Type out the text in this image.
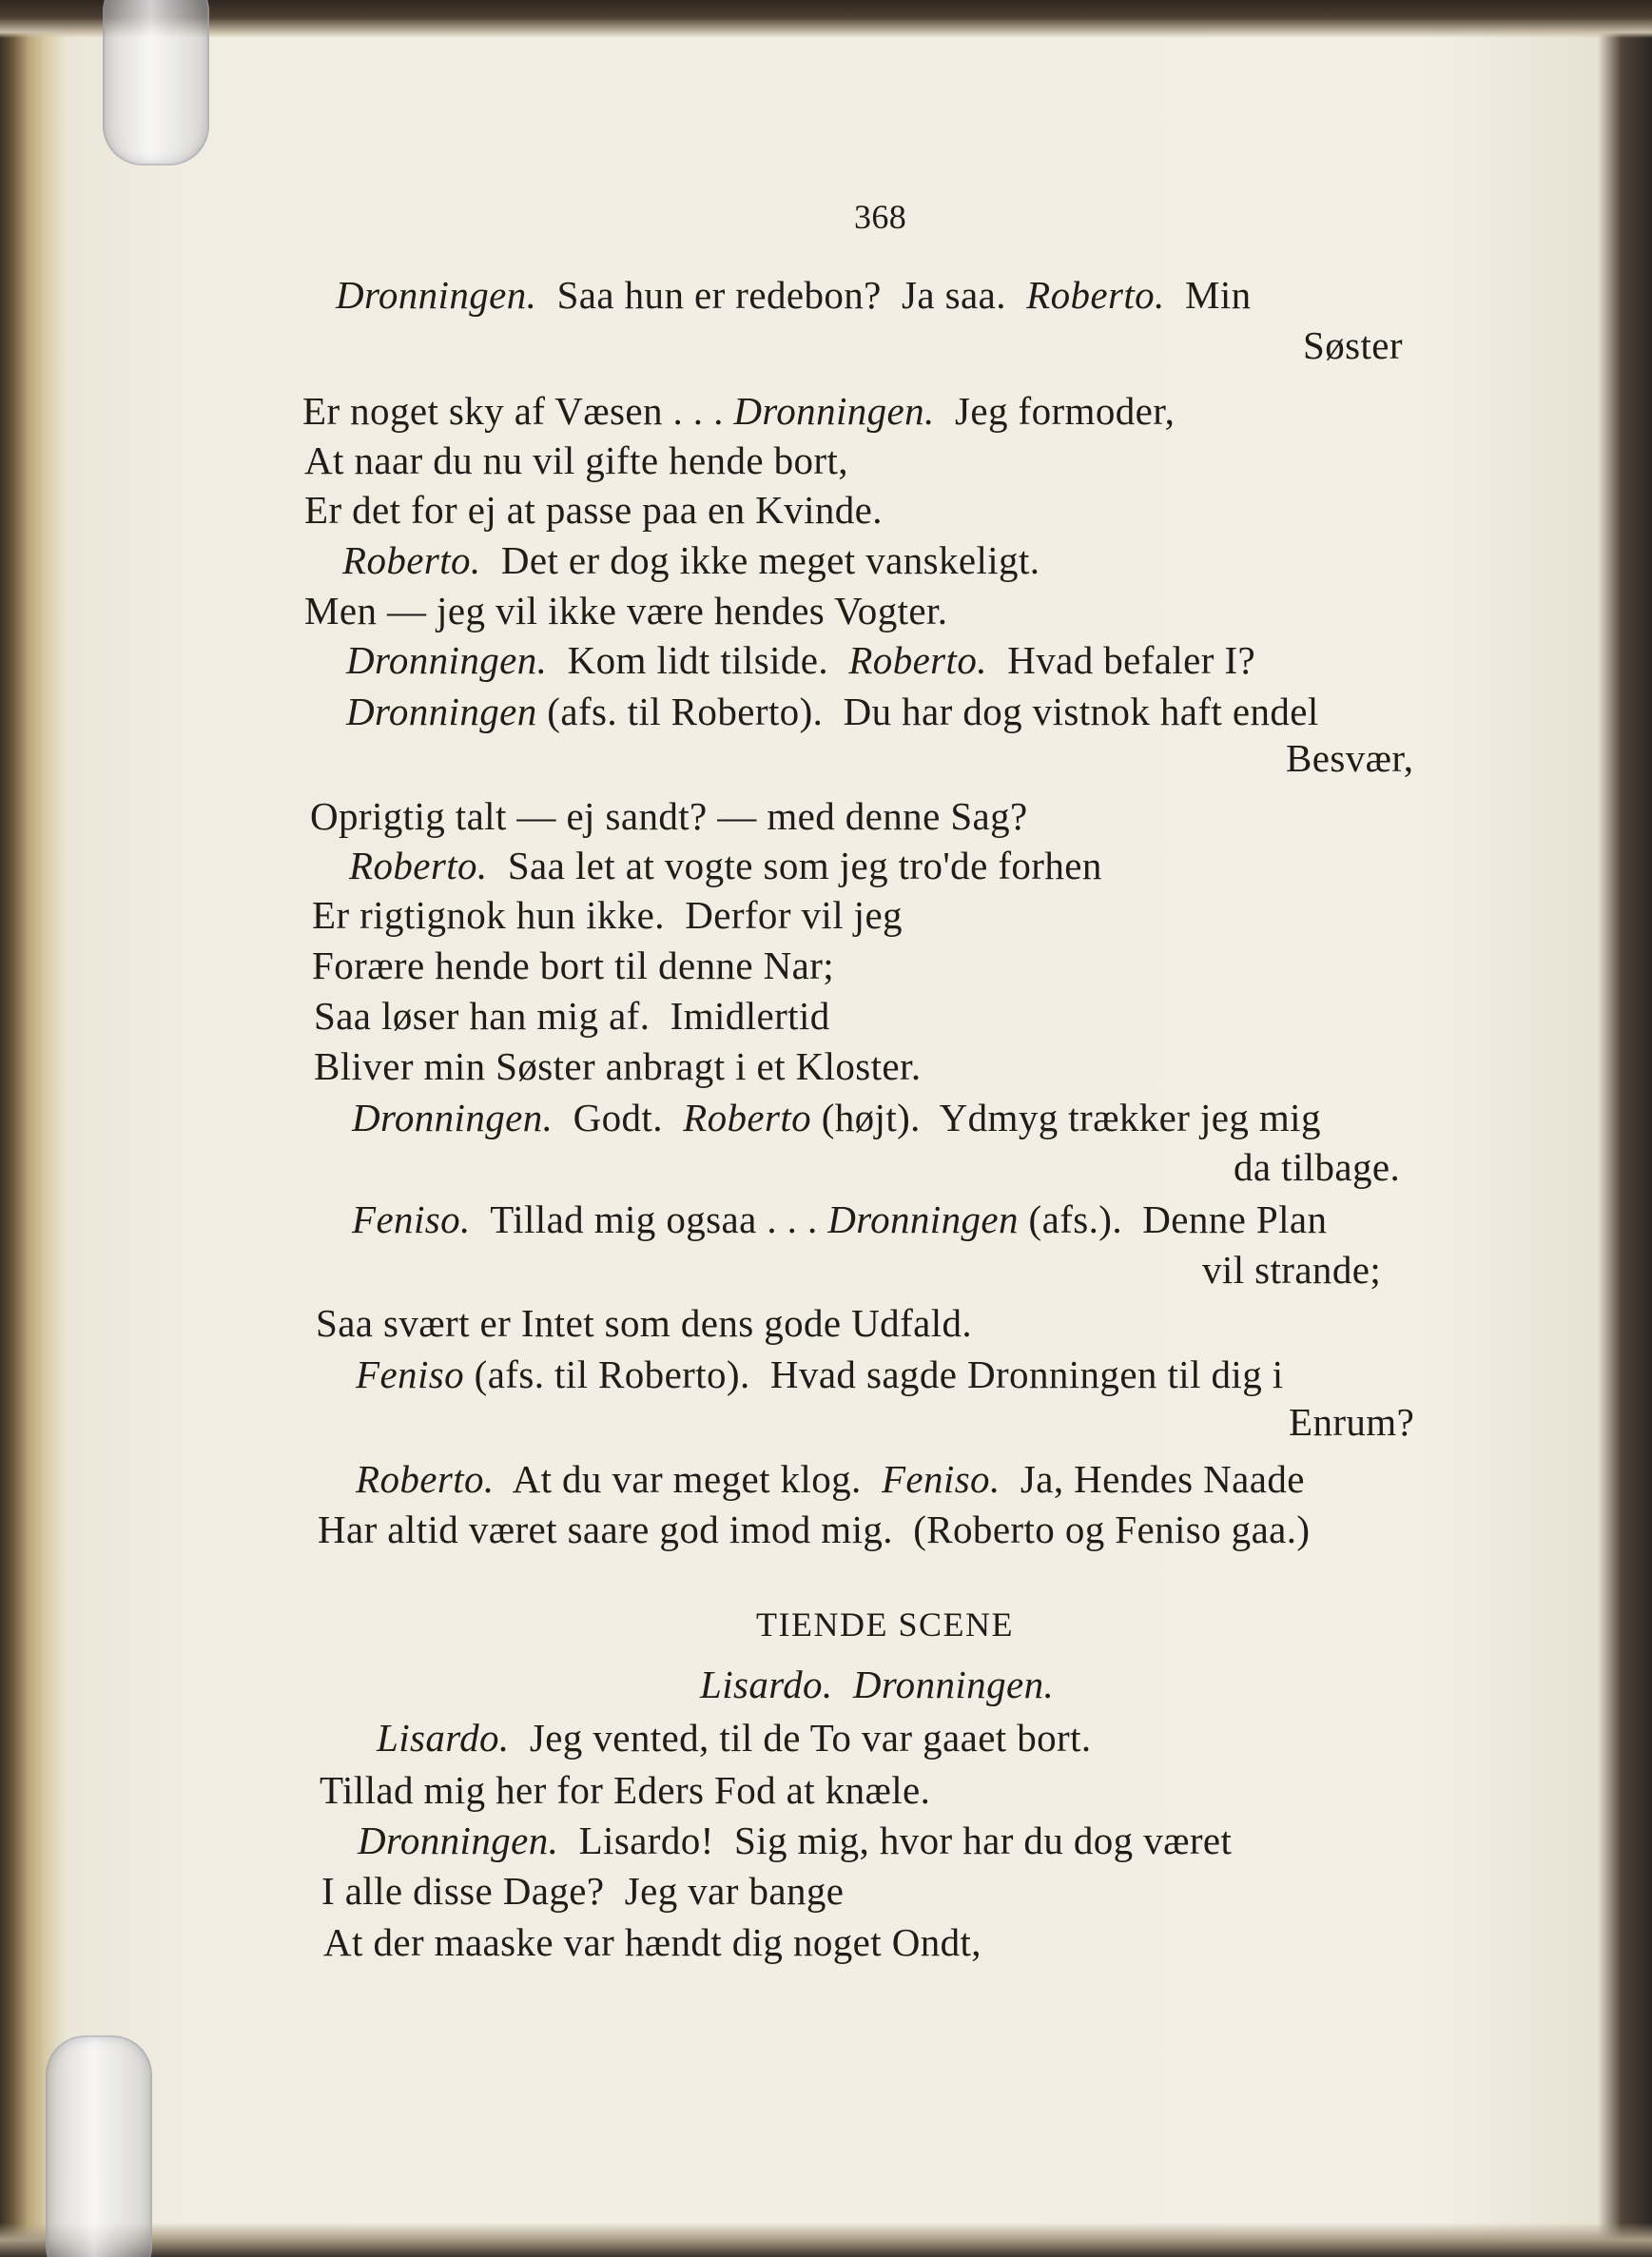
368
Dronningen.  Saa hun er redebon?  Ja saa.  Roberto.  Min
Søster
Er noget sky af Væsen . . . Dronningen.  Jeg formoder,
At naar du nu vil gifte hende bort,
Er det for ej at passe paa en Kvinde.
Roberto.  Det er dog ikke meget vanskeligt.
Men — jeg vil ikke være hendes Vogter.
Dronningen.  Kom lidt tilside.  Roberto.  Hvad befaler I?
Dronningen (afs. til Roberto).  Du har dog vistnok haft endel
Besvær,
Oprigtig talt — ej sandt? — med denne Sag?
Roberto.  Saa let at vogte som jeg tro'de forhen
Er rigtignok hun ikke.  Derfor vil jeg
Forære hende bort til denne Nar;
Saa løser han mig af.  Imidlertid
Bliver min Søster anbragt i et Kloster.
Dronningen.  Godt.  Roberto (højt).  Ydmyg trækker jeg mig
da tilbage.
Feniso.  Tillad mig ogsaa . . . Dronningen (afs.).  Denne Plan
vil strande;
Saa svært er Intet som dens gode Udfald.
Feniso (afs. til Roberto).  Hvad sagde Dronningen til dig i
Enrum?
Roberto.  At du var meget klog.  Feniso.  Ja, Hendes Naade
Har altid været saare god imod mig.  (Roberto og Feniso gaa.)
TIENDE SCENE
Lisardo.  Dronningen.
Lisardo.  Jeg vented, til de To var gaaet bort.
Tillad mig her for Eders Fod at knæle.
Dronningen.  Lisardo!  Sig mig, hvor har du dog været
I alle disse Dage?  Jeg var bange
At der maaske var hændt dig noget Ondt,
